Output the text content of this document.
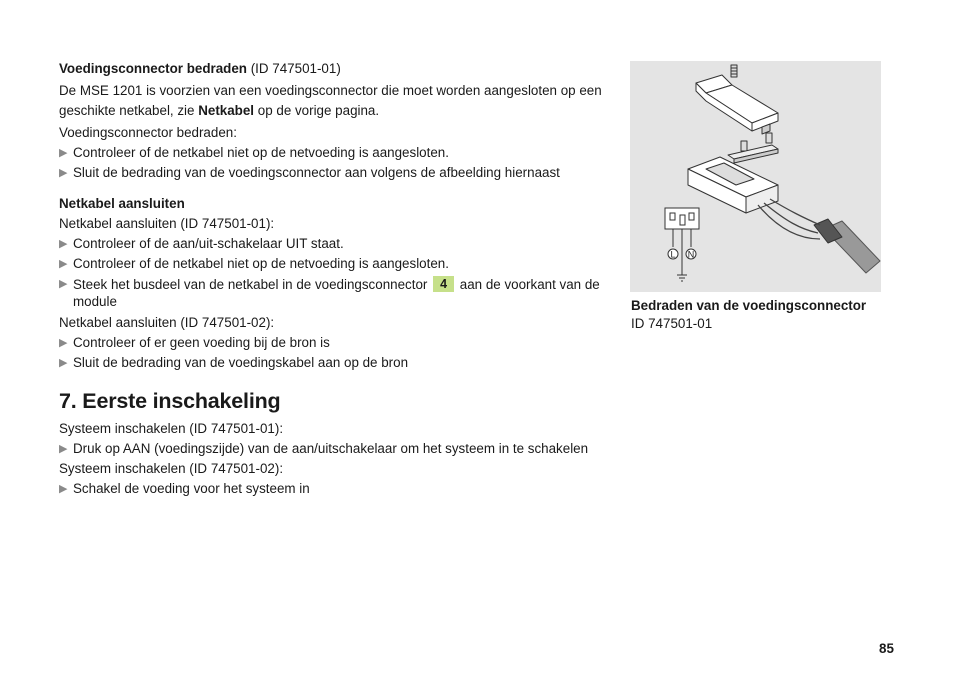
Voedingsconnector bedraden (ID 747501-01)

De MSE 1201 is voorzien van een voedingsconnector die moet worden aangesloten op een geschikte netkabel, zie Netkabel op de vorige pagina.

Voedingsconnector bedraden:

▶ Controleer of de netkabel niet op de netvoeding is aangesloten.

▶ Sluit de bedrading van de voedingsconnector aan volgens de afbeelding hiernaast

Netkabel aansluiten

Netkabel aansluiten (ID 747501-01):

▶ Controleer of de aan/uit-schakelaar UIT staat.

▶ Controleer of de netkabel niet op de netvoeding is aangesloten.

▶ Steek het busdeel van de netkabel in de voedingsconnector 4 aan de voorkant van de module

Netkabel aansluiten (ID 747501-02):

▶ Controleer of er geen voeding bij de bron is

▶ Sluit de bedrading van de voedingskabel aan op de bron

7. Eerste inschakeling

Systeem inschakelen (ID 747501-01):

▶ Druk op AAN (voedingszijde) van de aan/uitschakelaar om het systeem in te schakelen

Systeem inschakelen (ID 747501-02):

▶ Schakel de voeding voor het systeem in

L N
Bedraden van de voedingsconnector
ID 747501-01
85
